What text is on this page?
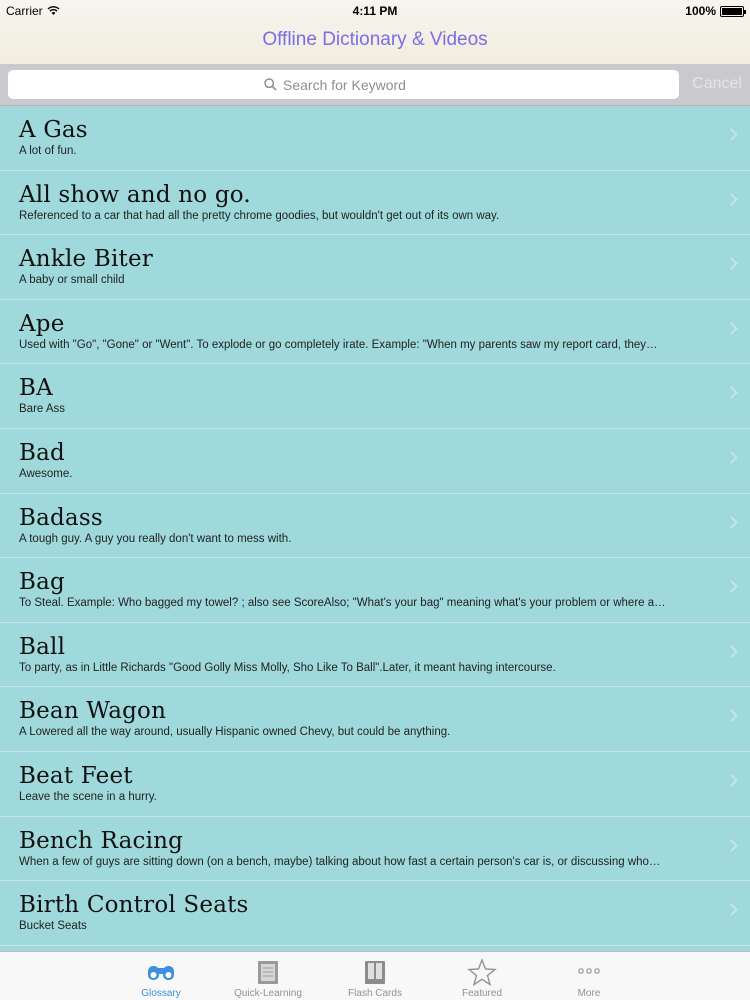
Carrier	4:11 PM	100%
Offline Dictionary & Videos
Search for Keyword
Cancel
A Gas
A lot of fun.
All show and no go.
Referenced to a car that had all the pretty chrome goodies, but wouldn't get out of its own way.
Ankle Biter
A baby or small child
Ape
Used with "Go", "Gone" or "Went". To explode or go completely irate. Example: "When my parents saw my report card, they…
BA
Bare Ass
Bad
Awesome.
Badass
A tough guy. A guy you really don't want to mess with.
Bag
To Steal. Example: Who bagged my towel? ; also see ScoreAlso; "What's your bag" meaning what's your problem or where a…
Ball
To party, as in Little Richards "Good Golly Miss Molly, Sho Like To Ball".Later, it meant having intercourse.
Bean Wagon
A Lowered all the way around, usually Hispanic owned Chevy, but could be anything.
Beat Feet
Leave the scene in a hurry.
Bench Racing
When a few of guys are sitting down (on a bench, maybe) talking about how fast a certain person's car is, or discussing who…
Birth Control Seats
Bucket Seats
Glossary	Quick-Learning	Flash Cards	Featured	More
